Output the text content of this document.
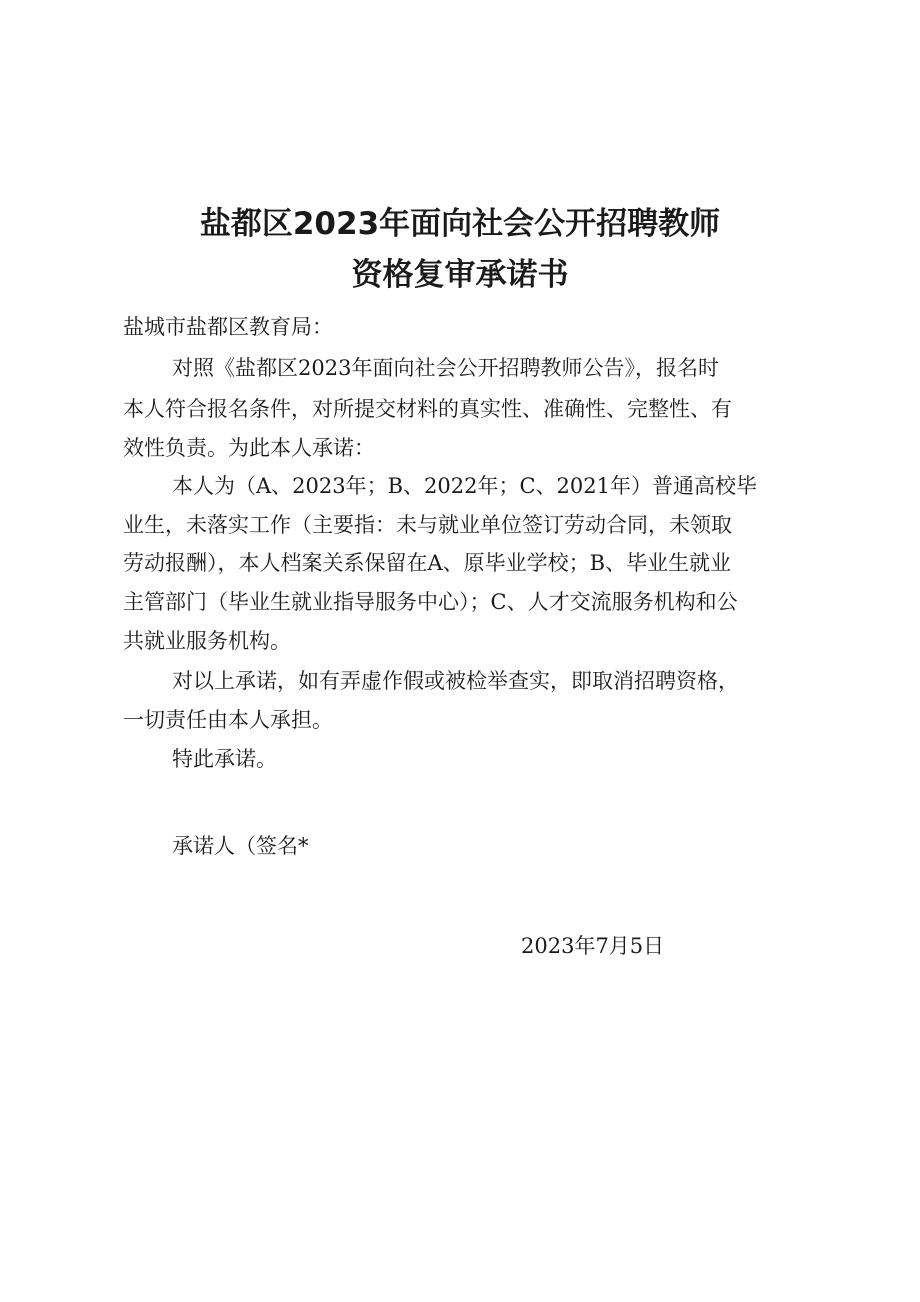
盐都区2023年面向社会公开招聘教师
资格复审承诺书
盐城市盐都区教育局：
对照《盐都区2023年面向社会公开招聘教师公告》，报名时
本人符合报名条件，对所提交材料的真实性、准确性、完整性、有
效性负责。为此本人承诺：
本人为（A、2023年；B、2022年；C、2021年）普通高校毕
业生，未落实工作（主要指：未与就业单位签订劳动合同，未领取
劳动报酬），本人档案关系保留在A、原毕业学校；B、毕业生就业
主管部门（毕业生就业指导服务中心）；C、人才交流服务机构和公
共就业服务机构。
对以上承诺，如有弄虚作假或被检举查实，即取消招聘资格，
一切责任由本人承担。
特此承诺。
承诺人（签名*
2023年7月5日
